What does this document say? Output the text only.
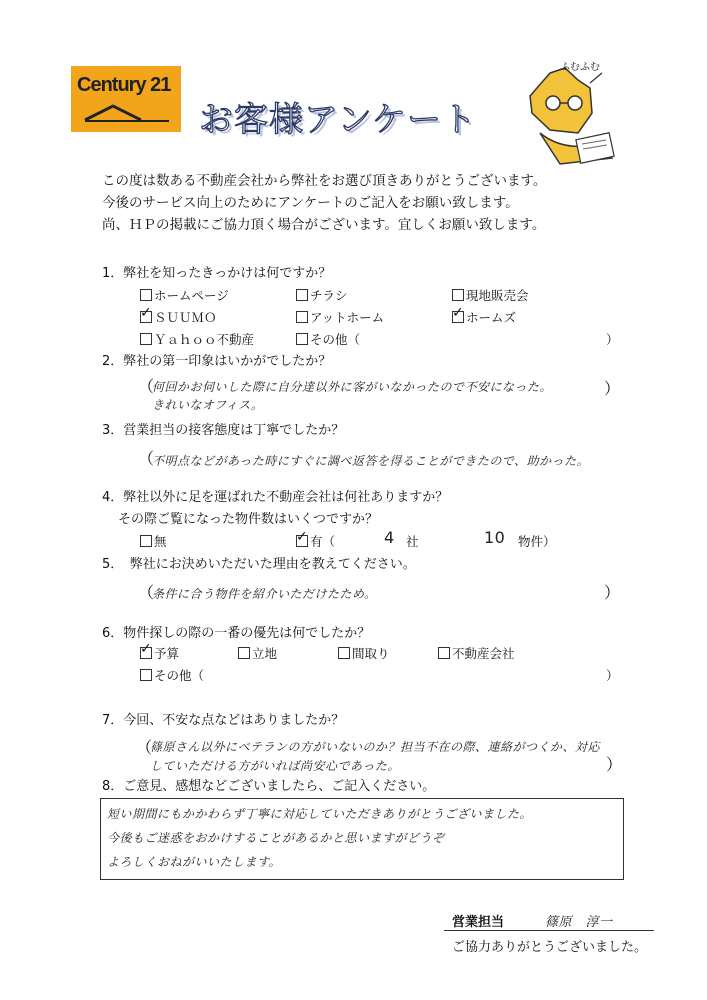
Century 21
お客様アンケート
ふむふむ
この度は数ある不動産会社から弊社をお選び頂きありがとうございます。
今後のサービス向上のためにアンケートのご記入をお願い致します。
尚、ＨＰの掲載にご協力頂く場合がございます。宜しくお願い致します。
1．弊社を知ったきっかけは何ですか？
ホームページ	チラシ	現地販売会
✓ＳＵＵＭＯ	アットホーム ✓	ホームズ
Ｙａｈｏｏ不動産	その他（	）
2．弊社の第一印象はいかがでしたか？
（
何回かお伺いした際に自分達以外に客がいなかったので不安になった。
きれいなオフィス。
）
3．営業担当の接客態度は丁寧でしたか？
（
不明点などがあった時にすぐに調べ返答を得ることができたので、助かった。
4．弊社以外に足を運ばれた不動産会社は何社ありますか？
その際ご覧になった物件数はいくつですか？
無 ✓	有（	4 社	10 物件）
5．　弊社にお決めいただいた理由を教えてください。
（
条件に合う物件を紹介いただけたため。	）
6．物件探しの際の一番の優先は何でしたか？
✓予算	立地	間取り	不動産会社
その他（	）
7．今回、不安な点などはありましたか？
（
篠原さん以外にベテランの方がいないのか？担当不在の際、連絡がつくか、対応
していただける方がいれば尚安心であった。	）
8．ご意見、感想などございましたら、ご記入ください。
短い期間にもかかわらず丁寧に対応していただきありがとうございました。
今後もご迷惑をおかけすることがあるかと思いますがどうぞ
よろしくおねがいいたします。
営業担当	篠原　淳一
ご協力ありがとうございました。
